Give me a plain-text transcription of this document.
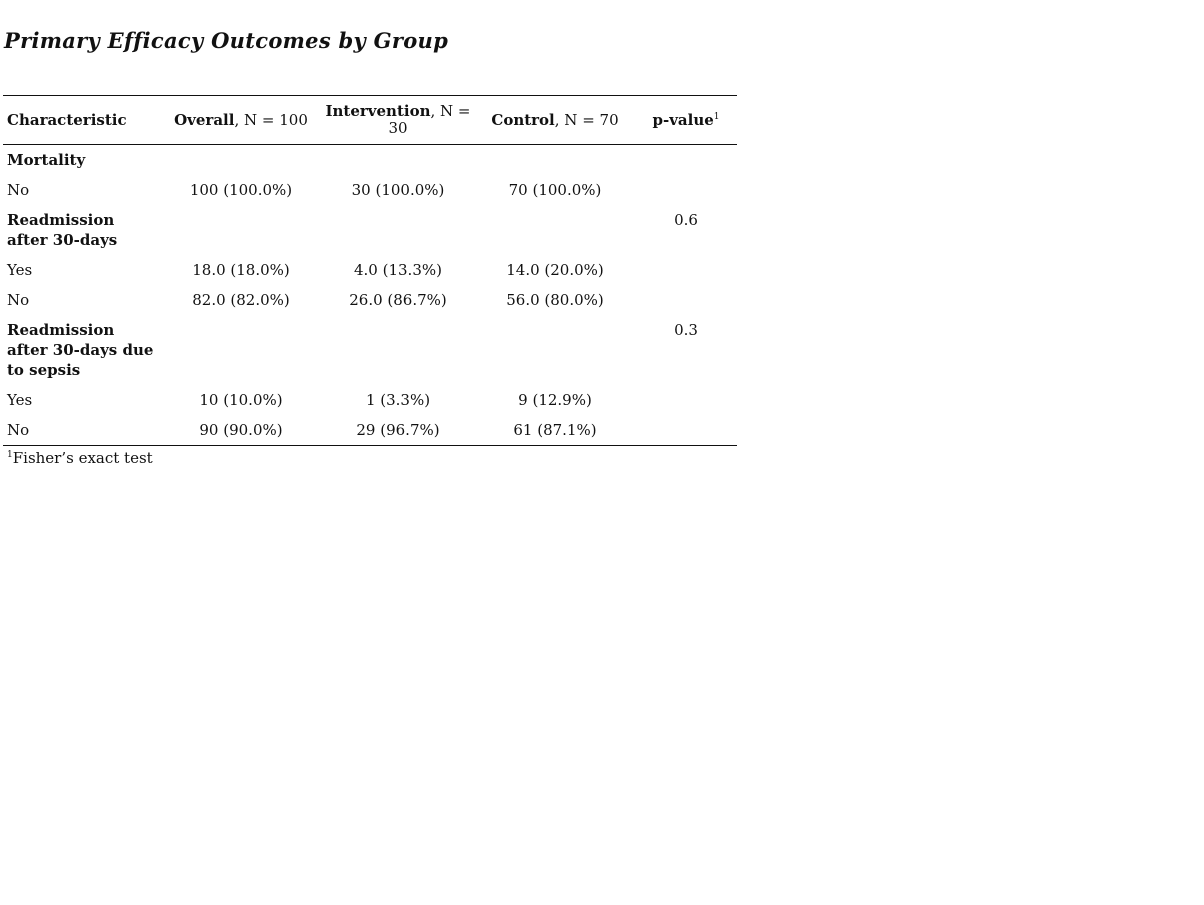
Primary Efficacy Outcomes by Group
Characteristic	Overall, N = 100	Intervention, N = 30	Control, N = 70	p-value$^1$
Mortality				
No	100 (100.0%)	30 (100.0%)	70 (100.0%)	
Readmission after 30-days				0.6
Yes	18.0 (18.0%)	4.0 (13.3%)	14.0 (20.0%)	
No	82.0 (82.0%)	26.0 (86.7%)	56.0 (80.0%)	
Readmission after 30-days due to sepsis				0.3
Yes	10 (10.0%)	1 (3.3%)	9 (12.9%)	
No	90 (90.0%)	29 (96.7%)	61 (87.1%)	
$^1$Fisher’s exact test
